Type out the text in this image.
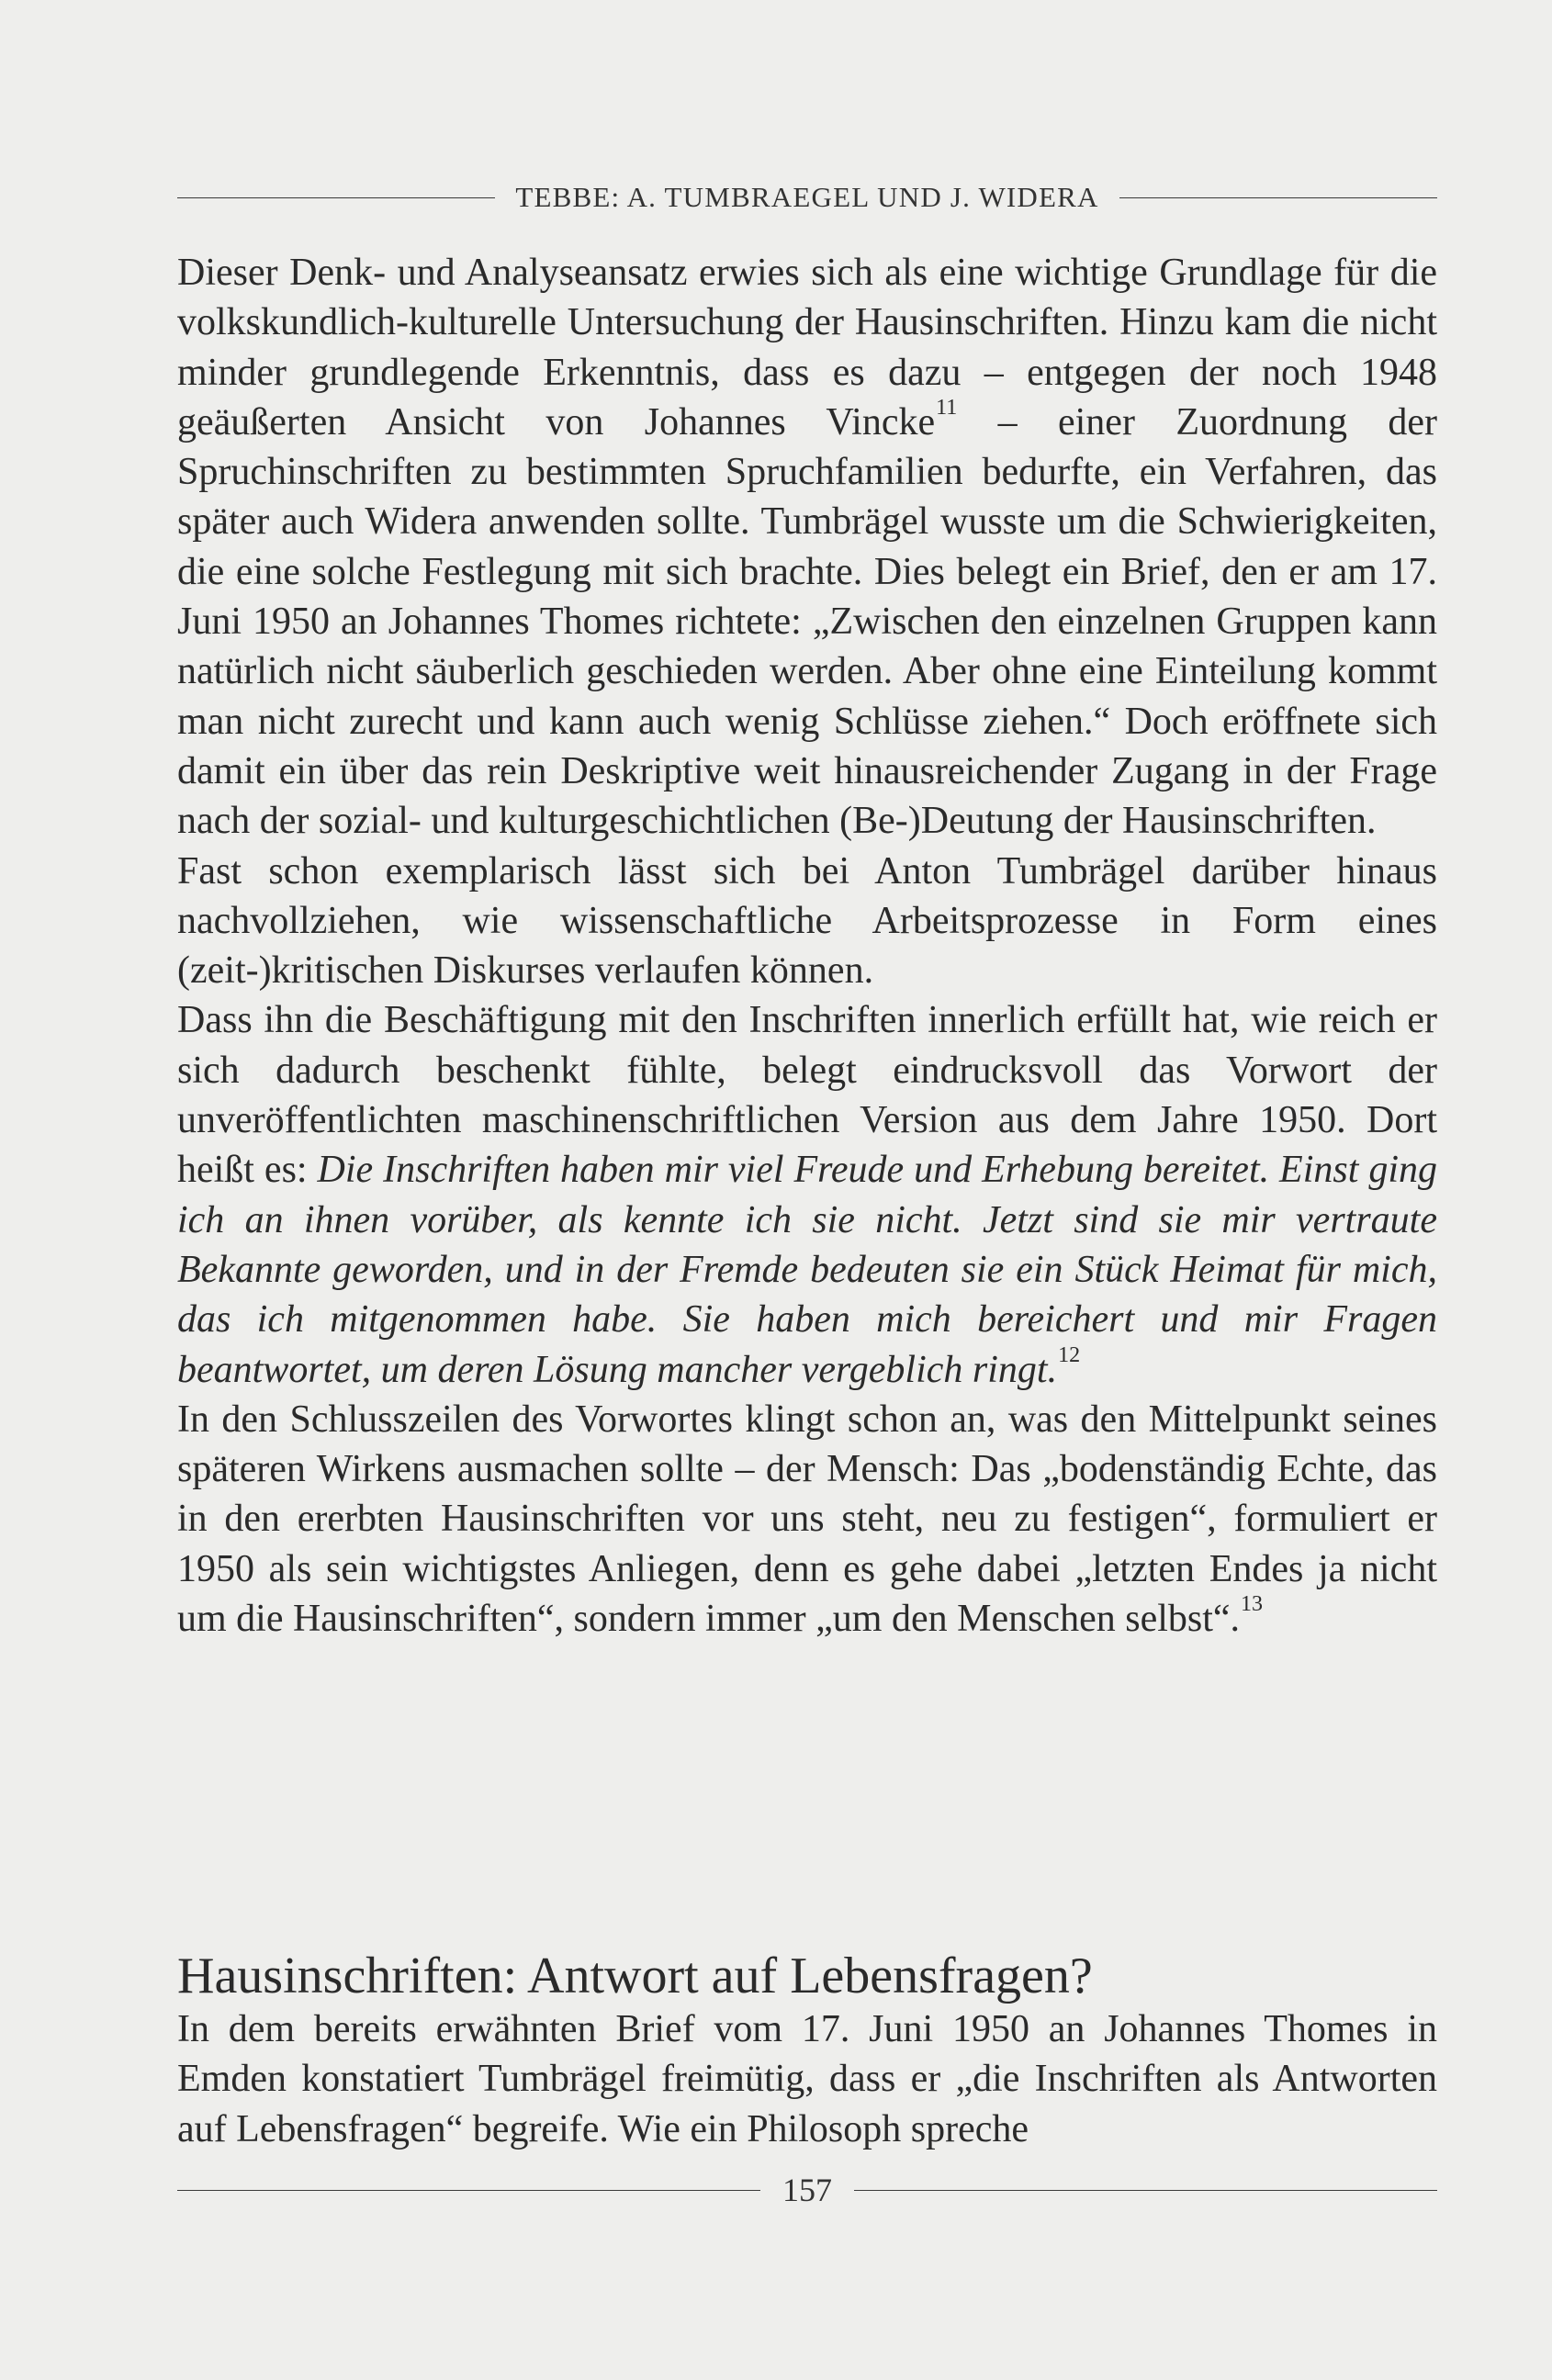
TEBBE: A. TUMBRAEGEL UND J. WIDERA

Dieser Denk- und Analyseansatz erwies sich als eine wichtige Grundlage für die volkskundlich-kulturelle Untersuchung der Hausinschriften. Hinzu kam die nicht minder grundlegende Erkenntnis, dass es dazu – entgegen der noch 1948 geäußerten Ansicht von Johannes Vincke$^{11}$ – einer Zuordnung der Spruchinschriften zu bestimmten Spruchfamilien bedurfte, ein Verfahren, das später auch Widera anwenden sollte. Tumbrägel wusste um die Schwierigkeiten, die eine solche Festlegung mit sich brachte. Dies belegt ein Brief, den er am 17. Juni 1950 an Johannes Thomes richtete: „Zwischen den einzelnen Gruppen kann natürlich nicht säuberlich geschieden werden. Aber ohne eine Einteilung kommt man nicht zurecht und kann auch wenig Schlüsse ziehen.“ Doch eröffnete sich damit ein über das rein Deskriptive weit hinausreichender Zugang in der Frage nach der sozial- und kulturgeschichtlichen (Be-)Deutung der Hausinschriften.

Fast schon exemplarisch lässt sich bei Anton Tumbrägel darüber hinaus nachvollziehen, wie wissenschaftliche Arbeitsprozesse in Form eines (zeit-)kritischen Diskurses verlaufen können.

Dass ihn die Beschäftigung mit den Inschriften innerlich erfüllt hat, wie reich er sich dadurch beschenkt fühlte, belegt eindrucksvoll das Vorwort der unveröffentlichten maschinenschriftlichen Version aus dem Jahre 1950. Dort heißt es: Die Inschriften haben mir viel Freude und Erhebung bereitet. Einst ging ich an ihnen vorüber, als kennte ich sie nicht. Jetzt sind sie mir vertraute Bekannte geworden, und in der Fremde bedeuten sie ein Stück Heimat für mich, das ich mitgenommen habe. Sie haben mich bereichert und mir Fragen beantwortet, um deren Lösung mancher vergeblich ringt.$^{12}$

In den Schlusszeilen des Vorwortes klingt schon an, was den Mittelpunkt seines späteren Wirkens ausmachen sollte – der Mensch: Das „bodenständig Echte, das in den ererbten Hausinschriften vor uns steht, neu zu festigen“, formuliert er 1950 als sein wichtigstes Anliegen, denn es gehe dabei „letzten Endes ja nicht um die Hausinschriften“, sondern immer „um den Menschen selbst“.$^{13}$

Hausinschriften: Antwort auf Lebensfragen?

In dem bereits erwähnten Brief vom 17. Juni 1950 an Johannes Thomes in Emden konstatiert Tumbrägel freimütig, dass er „die Inschriften als Antworten auf Lebensfragen“ begreife. Wie ein Philosoph spreche

157
